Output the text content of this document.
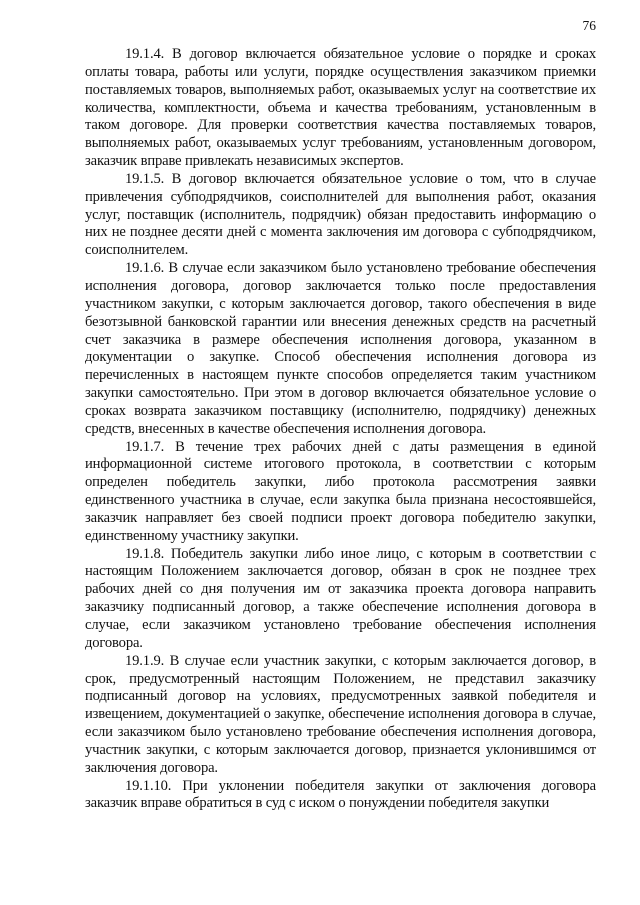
76

19.1.4. В договор включается обязательное условие о порядке и сроках оплаты товара, работы или услуги, порядке осуществления заказчиком приемки поставляемых товаров, выполняемых работ, оказываемых услуг на соответствие их количества, комплектности, объема и качества требованиям, установленным в таком договоре. Для проверки соответствия качества поставляемых товаров, выполняемых работ, оказываемых услуг требованиям, установленным договором, заказчик вправе привлекать независимых экспертов.

19.1.5. В договор включается обязательное условие о том, что в случае привлечения субподрядчиков, соисполнителей для выполнения работ, оказания услуг, поставщик (исполнитель, подрядчик) обязан предоставить информацию о них не позднее десяти дней с момента заключения им договора с субподрядчиком, соисполнителем.

19.1.6. В случае если заказчиком было установлено требование обеспечения исполнения договора, договор заключается только после предоставления участником закупки, с которым заключается договор, такого обеспечения в виде безотзывной банковской гарантии или внесения денежных средств на расчетный счет заказчика в размере обеспечения исполнения договора, указанном в документации о закупке. Способ обеспечения исполнения договора из перечисленных в настоящем пункте способов определяется таким участником закупки самостоятельно. При этом в договор включается обязательное условие о сроках возврата заказчиком поставщику (исполнителю, подрядчику) денежных средств, внесенных в качестве обеспечения исполнения договора.

19.1.7. В течение трех рабочих дней с даты размещения в единой информационной системе итогового протокола, в соответствии с которым определен победитель закупки, либо протокола рассмотрения заявки единственного участника в случае, если закупка была признана несостоявшейся, заказчик направляет без своей подписи проект договора победителю закупки, единственному участнику закупки.

19.1.8. Победитель закупки либо иное лицо, с которым в соответствии с настоящим Положением заключается договор, обязан в срок не позднее трех рабочих дней со дня получения им от заказчика проекта договора направить заказчику подписанный договор, а также обеспечение исполнения договора в случае, если заказчиком установлено требование обеспечения исполнения договора.

19.1.9. В случае если участник закупки, с которым заключается договор, в срок, предусмотренный настоящим Положением, не представил заказчику подписанный договор на условиях, предусмотренных заявкой победителя и извещением, документацией о закупке, обеспечение исполнения договора в случае, если заказчиком было установлено требование обеспечения исполнения договора, участник закупки, с которым заключается договор, признается уклонившимся от заключения договора.

19.1.10. При уклонении победителя закупки от заключения договора заказчик вправе обратиться в суд с иском о понуждении победителя закупки
